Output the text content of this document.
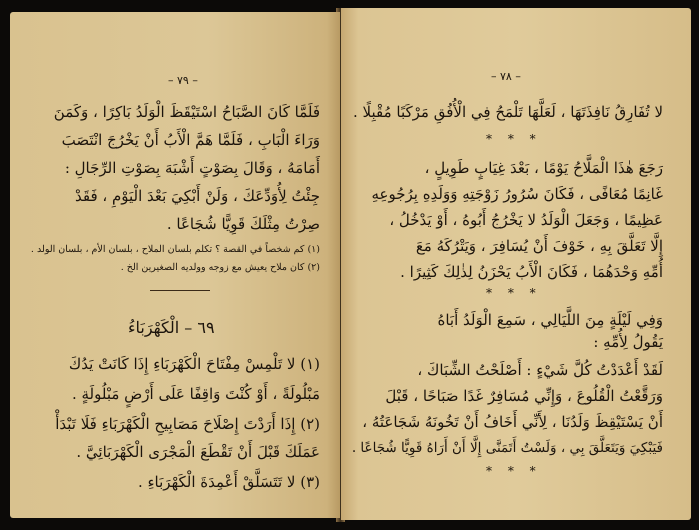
– ٧٩ –
فَلَمَّا كَانَ الصَّبَاحُ اسْتَيْقَظَ الْوَلَدُ بَاكِرًا ، وَكَمَنَ
وَرَاءَ الْبَابِ ، فَلَمَّا هَمَّ الْأَبُ أَنْ يَخْرُجَ انْتَصَبَ
أَمَامَهُ ، وَقَالَ بِصَوْتٍ أَشْبَهَ بِصَوْتِ الرِّجَالِ :
جِئْتُ لِأُوَدِّعَكَ ، وَلَنْ أَبْكِيَ بَعْدَ الْيَوْمِ ، فَقَدْ
صِرْتُ مِثْلَكَ قَوِيًّا شُجَاعًا .
(١) كم شخصاً في القصة ؟ تكلم بلسان الملاح ، بلسان الأم ، بلسان الولد .
(٢) كان ملاح يعيش مع زوجه وولديه الصغيرين الخ .
٦٩ – الْكَهْرَبَاءُ
(١) لا تَلْمِسْ مِفْتَاحَ الْكَهْرَبَاءِ إِذَا كَانَتْ يَدُكَ
مَبْلُولَةً ، أَوْ كُنْتَ وَاقِفًا عَلَى أَرْضٍ مَبْلُولَةٍ .
(٢) إِذَا أَرَدْتَ إِصْلَاحَ مَصَابِيحِ الْكَهْرَبَاءِ فَلَا تَبْدَأْ
عَمَلَكَ قَبْلَ أَنْ تَقْطَعَ الْمَجْرَى الْكَهْرَبَائِيَّ .
(٣) لا تَتَسَلَّقْ أَعْمِدَةَ الْكَهْرَبَاءِ .
– ٧٨ –
لا تُفَارِقُ نَافِذَتَهَا ، لَعَلَّهَا تَلْمَحُ فِي الْأُفُقِ مَرْكَبًا مُقْبِلًا .
* * *
رَجَعَ هٰذَا الْمَلَّاحُ يَوْمًا ، بَعْدَ غِيَابٍ طَوِيلٍ ،
غَانِمًا مُعَافًى ، فَكَانَ سُرُورُ زَوْجَتِهِ وَوَلَدِهِ بِرُجُوعِهِ
عَظِيمًا ، وَجَعَلَ الْوَلَدُ لا يَخْرُجُ أَبُوهُ ، أَوْ يَدْخُلُ ،
إِلَّا تَعَلَّقَ بِهِ ، خَوْفَ أَنْ يُسَافِرَ ، وَيَتْرُكَهُ مَعَ
أُمِّهِ وَحْدَهُمَا ، فَكَانَ الْأَبُ يَحْزَنُ لِذٰلِكَ كَثِيرًا .
* * *
وَفِي لَيْلَةٍ مِنَ اللَّيَالِي ، سَمِعَ الْوَلَدُ أَبَاهُ
يَقُولُ لِأُمِّهِ :
لَقَدْ أَعْدَدْتُ كُلَّ شَيْءٍ : أَصْلَحْتُ الشِّبَاكَ ،
وَرَقَّعْتُ الْقُلُوعَ ، وَإِنِّي مُسَافِرٌ غَدًا صَبَاحًا ، قَبْلَ
أَنْ يَسْتَيْقِظَ وَلَدُنَا ، لِأَنِّي أَخَافُ أَنْ تَخُونَهُ شَجَاعَتُهُ ،
فَيَبْكِيَ وَيَتَعَلَّقَ بِي ، وَلَسْتُ أَتَمَنَّى إِلَّا أَنْ أَرَاهُ قَوِيًّا شُجَاعًا .
* * *
